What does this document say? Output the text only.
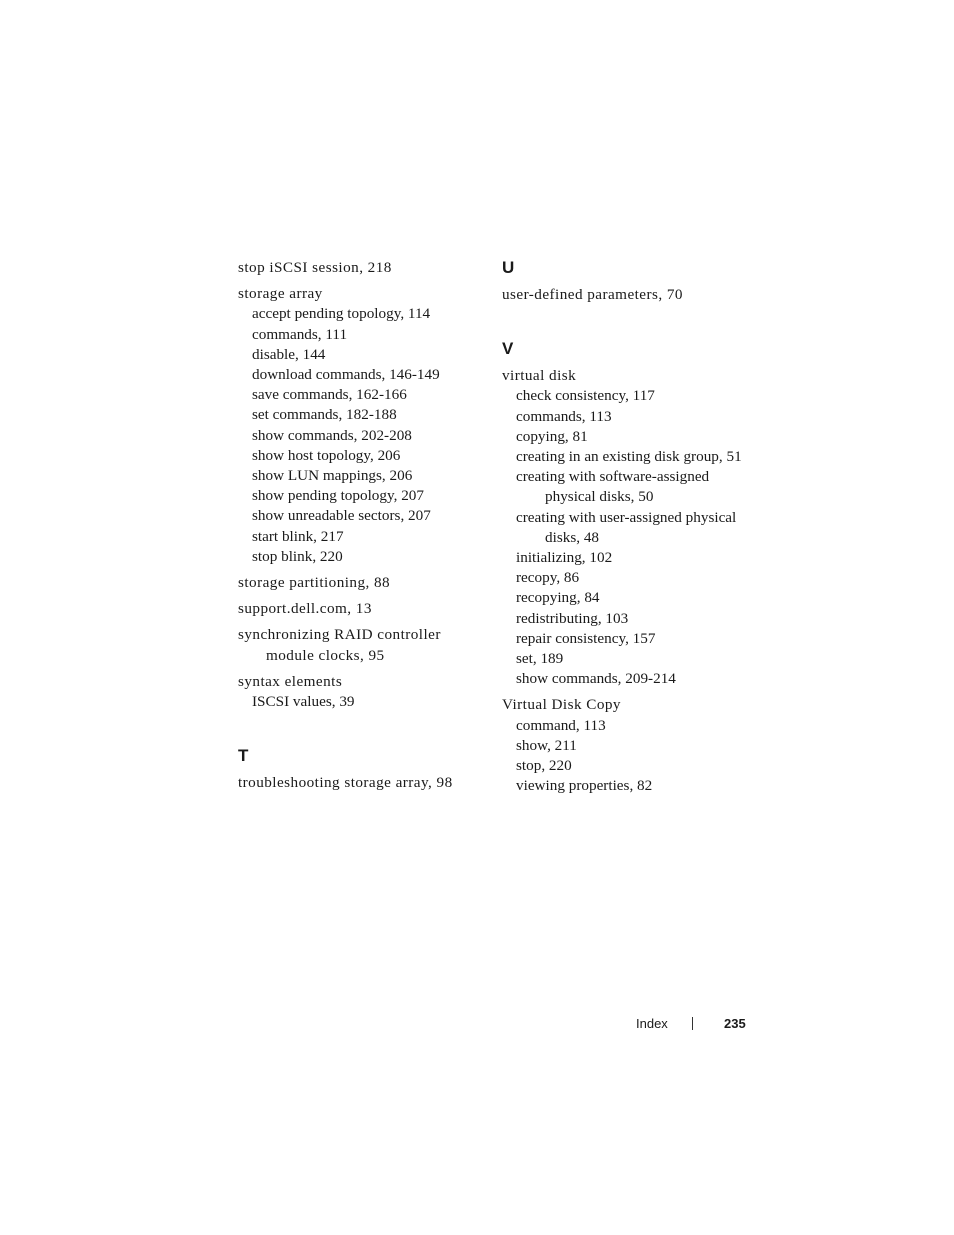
stop iSCSI session, 218
storage array
accept pending topology, 114
commands, 111
disable, 144
download commands, 146-149
save commands, 162-166
set commands, 182-188
show commands, 202-208
show host topology, 206
show LUN mappings, 206
show pending topology, 207
show unreadable sectors, 207
start blink, 217
stop blink, 220
storage partitioning, 88
support.dell.com, 13
synchronizing RAID controller module clocks, 95
syntax elements
ISCSI values, 39
T
troubleshooting storage array, 98
U
user-defined parameters, 70
V
virtual disk
check consistency, 117
commands, 113
copying, 81
creating in an existing disk group, 51
creating with software-assigned physical disks, 50
creating with user-assigned physical disks, 48
initializing, 102
recopy, 86
recopying, 84
redistributing, 103
repair consistency, 157
set, 189
show commands, 209-214
Virtual Disk Copy
command, 113
show, 211
stop, 220
viewing properties, 82
Index	235
